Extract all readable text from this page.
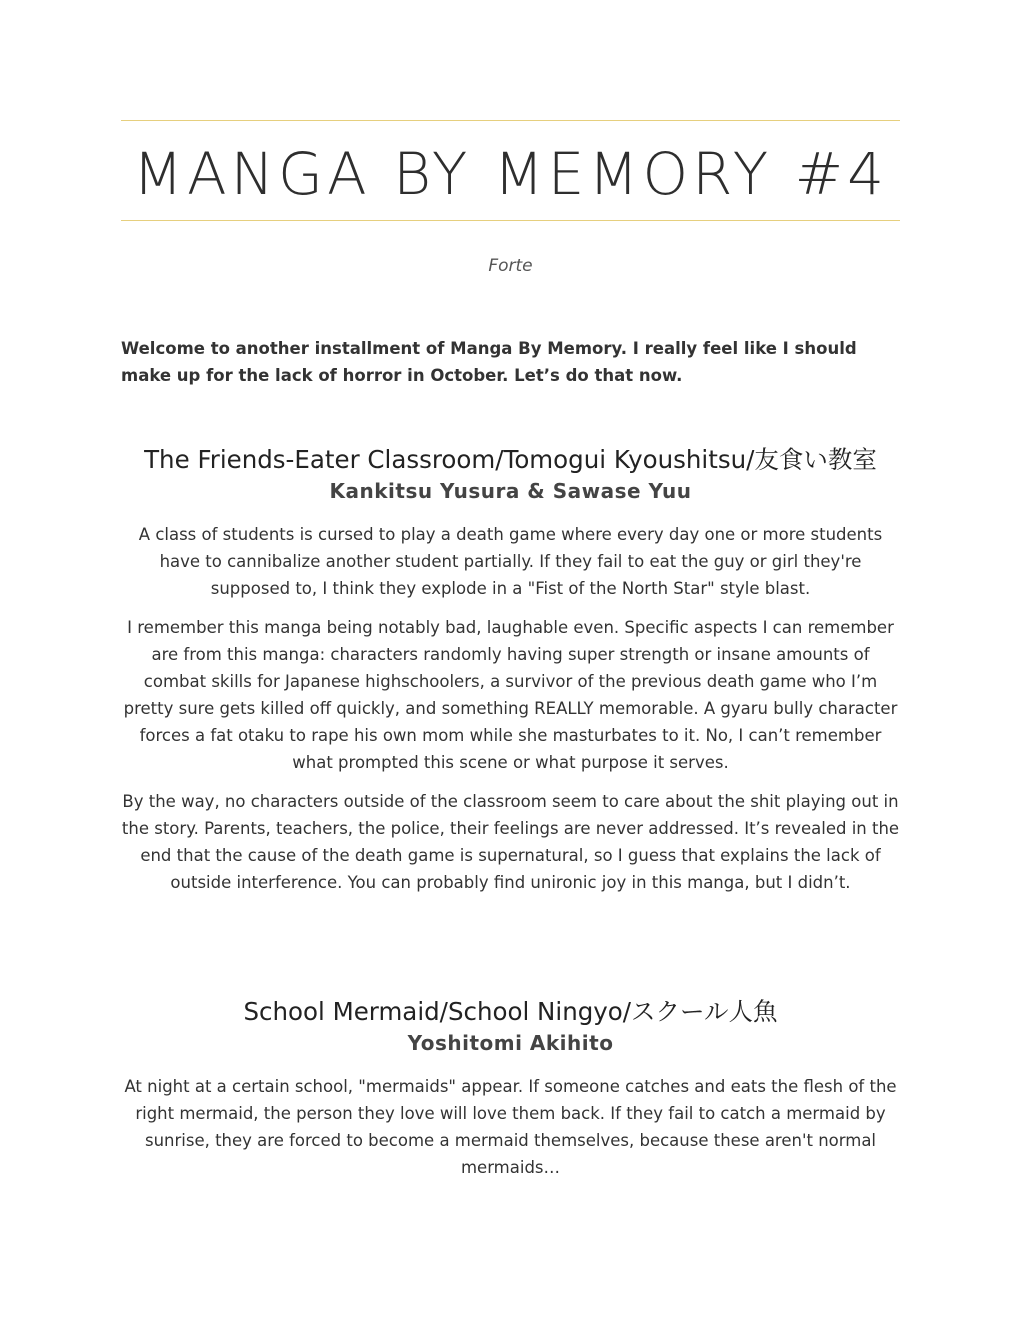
MANGA BY MEMORY #4
Forte
Welcome to another installment of Manga By Memory. I really feel like I should make up for the lack of horror in October. Let’s do that now.
The Friends-Eater Classroom/Tomogui Kyoushitsu/友食い教室
Kankitsu Yusura & Sawase Yuu

A class of students is cursed to play a death game where every day one or more students have to cannibalize another student partially. If they fail to eat the guy or girl they're supposed to, I think they explode in a "Fist of the North Star" style blast.

I remember this manga being notably bad, laughable even. Specific aspects I can remember are from this manga: characters randomly having super strength or insane amounts of combat skills for Japanese highschoolers, a survivor of the previous death game who I’m pretty sure gets killed off quickly, and something REALLY memorable. A gyaru bully character forces a fat otaku to rape his own mom while she masturbates to it. No, I can’t remember what prompted this scene or what purpose it serves.

By the way, no characters outside of the classroom seem to care about the shit playing out in the story. Parents, teachers, the police, their feelings are never addressed. It’s revealed in the end that the cause of the death game is supernatural, so I guess that explains the lack of outside interference. You can probably find unironic joy in this manga, but I didn’t.

School Mermaid/School Ningyo/スクール人魚
Yoshitomi Akihito

At night at a certain school, "mermaids" appear. If someone catches and eats the flesh of the right mermaid, the person they love will love them back. If they fail to catch a mermaid by sunrise, they are forced to become a mermaid themselves, because these aren't normal mermaids…
